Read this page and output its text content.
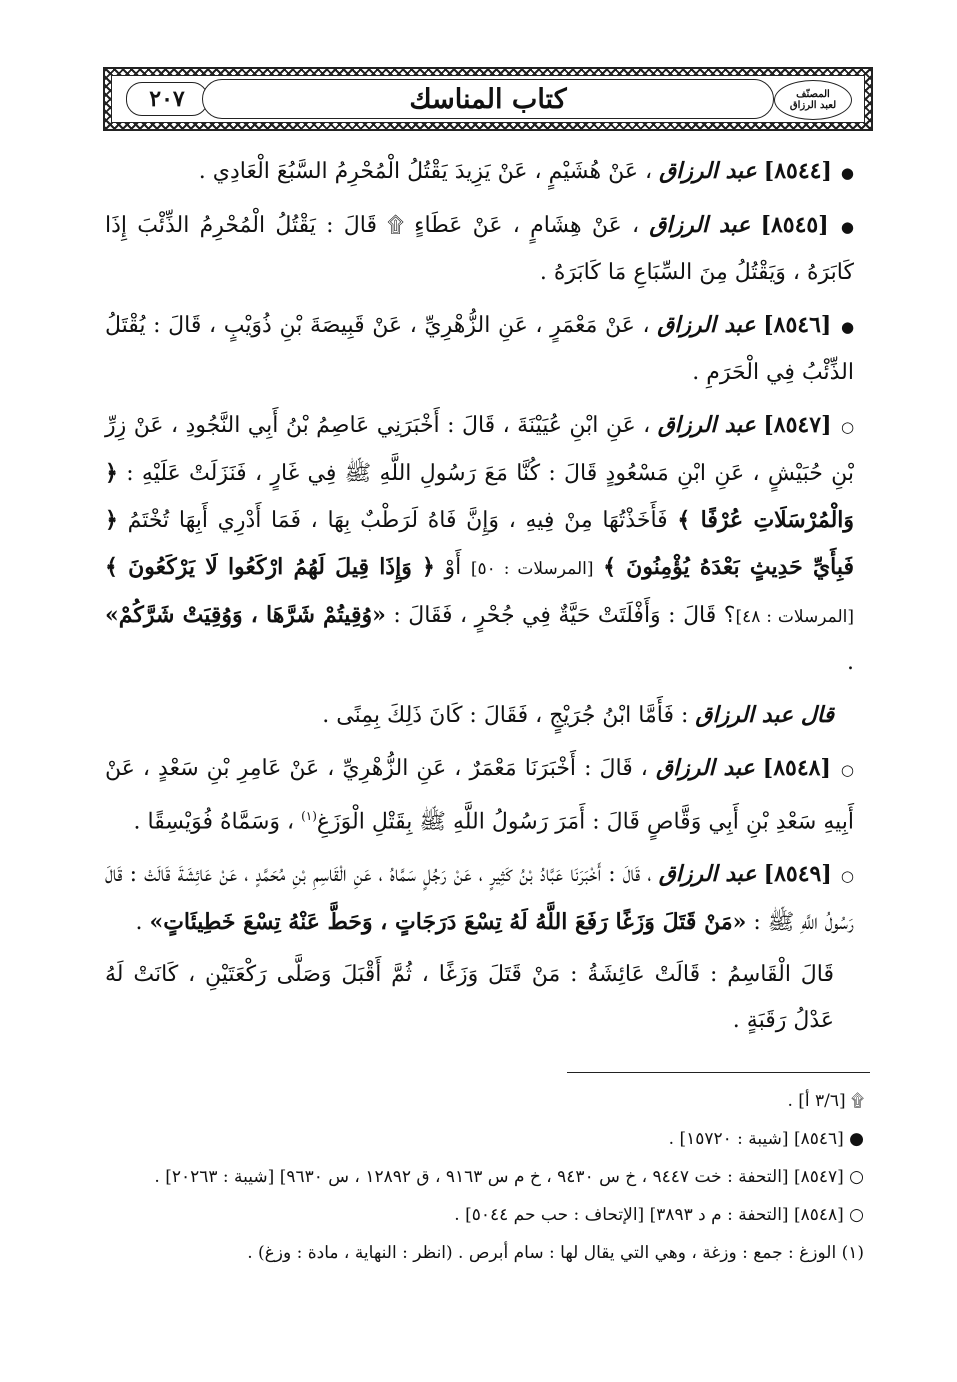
٢٠٧	كتاب المناسك	المصنّف
لعبد الرزاق

● [٨٥٤٤] عبد الرزاق ، عَنْ هُشَيْمٍ ، عَنْ يَزِيدَ يَقْتُلُ الْمُحْرِمُ السَّبُعَ الْعَادِي .

● [٨٥٤٥] عبد الرزاق ، عَنْ هِشَامٍ ، عَنْ عَطَاءٍ ۩ قَالَ : يَقْتُلُ الْمُحْرِمُ الذِّئْبَ إِذَا كَابَرَهُ ، وَيَقْتُلُ مِنَ السِّبَاعِ مَا كَابَرَهُ .

● [٨٥٤٦] عبد الرزاق ، عَنْ مَعْمَرٍ ، عَنِ الزُّهْرِيِّ ، عَنْ قَبِيصَةَ بْنِ ذُوَيْبٍ ، قَالَ : يُقْتَلُ الذِّئْبُ فِي الْحَرَمِ .

○ [٨٥٤٧] عبد الرزاق ، عَنِ ابْنِ عُيَيْنَةَ ، قَالَ : أَخْبَرَنِي عَاصِمُ بْنُ أَبِي النَّجُودِ ، عَنْ زِرِّ بْنِ حُبَيْشٍ ، عَنِ ابْنِ مَسْعُودٍ قَالَ : كُنَّا مَعَ رَسُولِ اللَّهِ ﷺ فِي غَارٍ ، فَنَزَلَتْ عَلَيْهِ : ﴿ وَالْمُرْسَلَاتِ عُرْفًا ﴾ فَأَخَذْتُهَا مِنْ فِيهِ ، وَإِنَّ فَاهُ لَرَطْبٌ بِهَا ، فَمَا أَدْرِي أَبِهَا تُخْتَمُ ﴿ فَبِأَيِّ حَدِيثٍ بَعْدَهُ يُؤْمِنُونَ ﴾ [المرسلات : ٥٠] أَوْ ﴿ وَإِذَا قِيلَ لَهُمُ ارْكَعُوا لَا يَرْكَعُونَ ﴾ [المرسلات : ٤٨]؟ قَالَ : وَأَفْلَتَتْ حَيَّةٌ فِي جُحْرٍ ، فَقَالَ : «وُقِيتُمْ شَرَّهَا ، وَوُقِيَتْ شَرَّكُمْ» .

قال عبد الرزاق : فَأَمَّا ابْنُ جُرَيْجٍ ، فَقَالَ : كَانَ ذَلِكَ بِمِنًى .

○ [٨٥٤٨] عبد الرزاق ، قَالَ : أَخْبَرَنَا مَعْمَرٌ ، عَنِ الزُّهْرِيِّ ، عَنْ عَامِرِ بْنِ سَعْدٍ ، عَنْ أَبِيهِ سَعْدِ بْنِ أَبِي وَقَّاصٍ قَالَ : أَمَرَ رَسُولُ اللَّهِ ﷺ بِقَتْلِ الْوَزَغِ$^{(١)}$ ، وَسَمَّاهُ فُوَيْسِقًا .

○ [٨٥٤٩] عبد الرزاق ، قَالَ : أَخْبَرَنَا عَبَّادُ بْنُ كَثِيرٍ ، عَنْ رَجُلٍ سَمَّاهُ ، عَنِ الْقَاسِمِ بْنِ مُحَمَّدٍ ، عَنْ عَائِشَةَ قَالَتْ : قَالَ رَسُولُ اللَّهِ ﷺ : «مَنْ قَتَلَ وَزَغًا رَفَعَ اللَّهُ لَهُ تِسْعَ دَرَجَاتٍ ، وَحَطَّ عَنْهُ تِسْعَ خَطِيئَاتٍ» .

قَالَ الْقَاسِمُ : قَالَتْ عَائِشَةُ : مَنْ قَتَلَ وَزَغًا ، ثُمَّ أَقْبَلَ وَصَلَّى رَكْعَتَيْنِ ، كَانَتْ لَهُ عَدْلُ رَقَبَةٍ .

۩ [٣/٦ أ] .

● [٨٥٤٦] [شيبة : ١٥٧٢٠] .

○ [٨٥٤٧] [التحفة : خت ٩٤٤٧ ، خ س ٩٤٣٠ ، خ م س ٩١٦٣ ، ق ١٢٨٩٢ ، س ٩٦٣٠] [شيبة : ٢٠٢٦٣] .

○ [٨٥٤٨] [التحفة : م د ٣٨٩٣] [الإتحاف : حب حم ٥٠٤٤] .

(١) الوزغ : جمع : وزغة ، وهي التي يقال لها : سام أبرص . (انظر : النهاية ، مادة : وزغ) .
